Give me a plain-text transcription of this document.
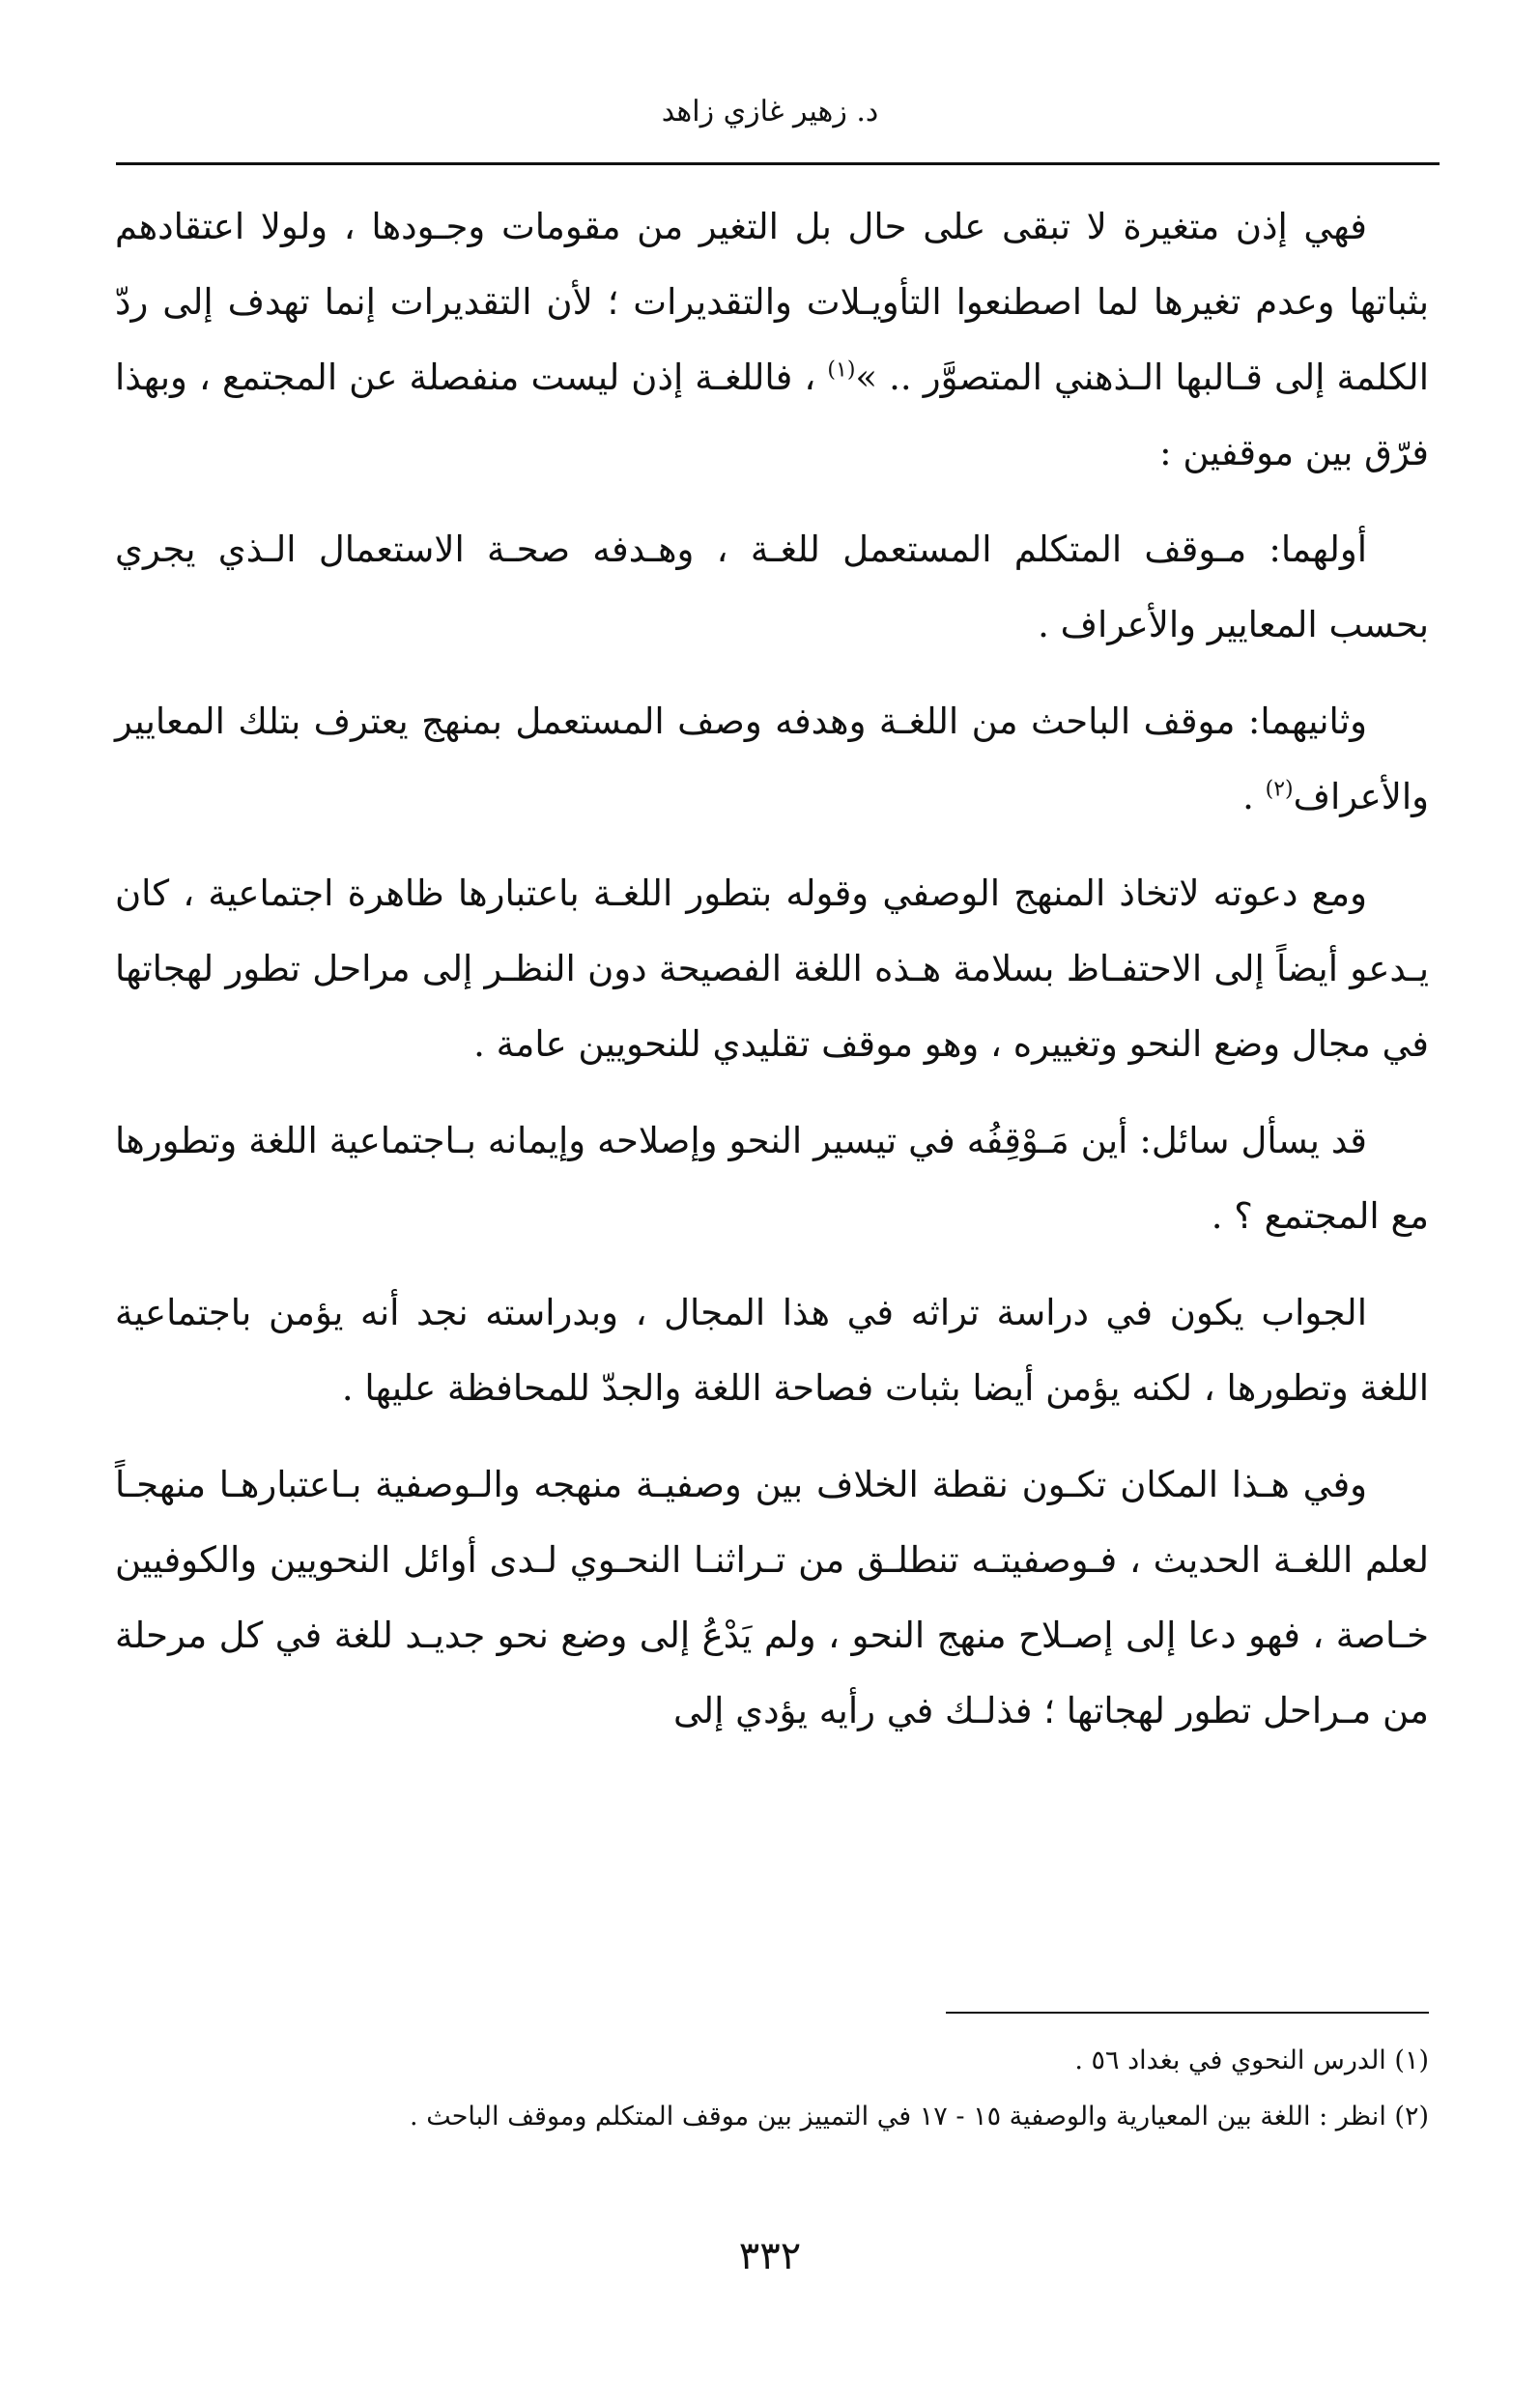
د. زهير غازي زاهد

فهي إذن متغيرة لا تبقى على حال بل التغير من مقومات وجـودها ، ولولا اعتقادهم بثباتها وعدم تغيرها لما اصطنعوا التأويـلات والتقديرات ؛ لأن التقديرات إنما تهدف إلى ردّ الكلمة إلى قـالبها الـذهني المتصوَّر .. »$^{(١)}$ ، فاللغـة إذن ليست منفصلة عن المجتمع ، وبهذا فرّق بين موقفين :

أولهما: مـوقف المتكلم المستعمل للغـة ، وهـدفه صحـة الاستعمال الـذي يجري بحسب المعايير والأعراف .

وثانيهما: موقف الباحث من اللغـة وهدفه وصف المستعمل بمنهج يعترف بتلك المعايير والأعراف$^{(٢)}$ .

ومع دعوته لاتخاذ المنهج الوصفي وقوله بتطور اللغـة باعتبارها ظاهرة اجتماعية ، كان يـدعو أيضاً إلى الاحتفـاظ بسلامة هـذه اللغة الفصيحة دون النظـر إلى مراحل تطور لهجاتها في مجال وضع النحو وتغييره ، وهو موقف تقليدي للنحويين عامة .

قد يسأل سائل: أين مَـوْقِفُه في تيسير النحو وإصلاحه وإيمانه بـاجتماعية اللغة وتطورها مع المجتمع ؟ .

الجواب يكون في دراسة تراثه في هذا المجال ، وبدراسته نجد أنه يؤمن باجتماعية اللغة وتطورها ، لكنه يؤمن أيضا بثبات فصاحة اللغة والجدّ للمحافظة عليها .

وفي هـذا المكان تكـون نقطة الخلاف بين وصفيـة منهجه والـوصفية بـاعتبارهـا منهجـاً لعلم اللغـة الحديث ، فـوصفيتـه تنطلـق من تـراثنـا النحـوي لـدى أوائل النحويين والكوفيين خـاصة ، فهو دعا إلى إصـلاح منهج النحو ، ولم يَدْعُ إلى وضع نحو جديـد للغة في كل مرحلة من مـراحل تطور لهجاتها ؛ فذلـك في رأيه يؤدي إلى

(١) الدرس النحوي في بغداد ٥٦ .

(٢) انظر : اللغة بين المعيارية والوصفية ١٥ - ١٧ في التمييز بين موقف المتكلم وموقف الباحث .

٣٣٢
